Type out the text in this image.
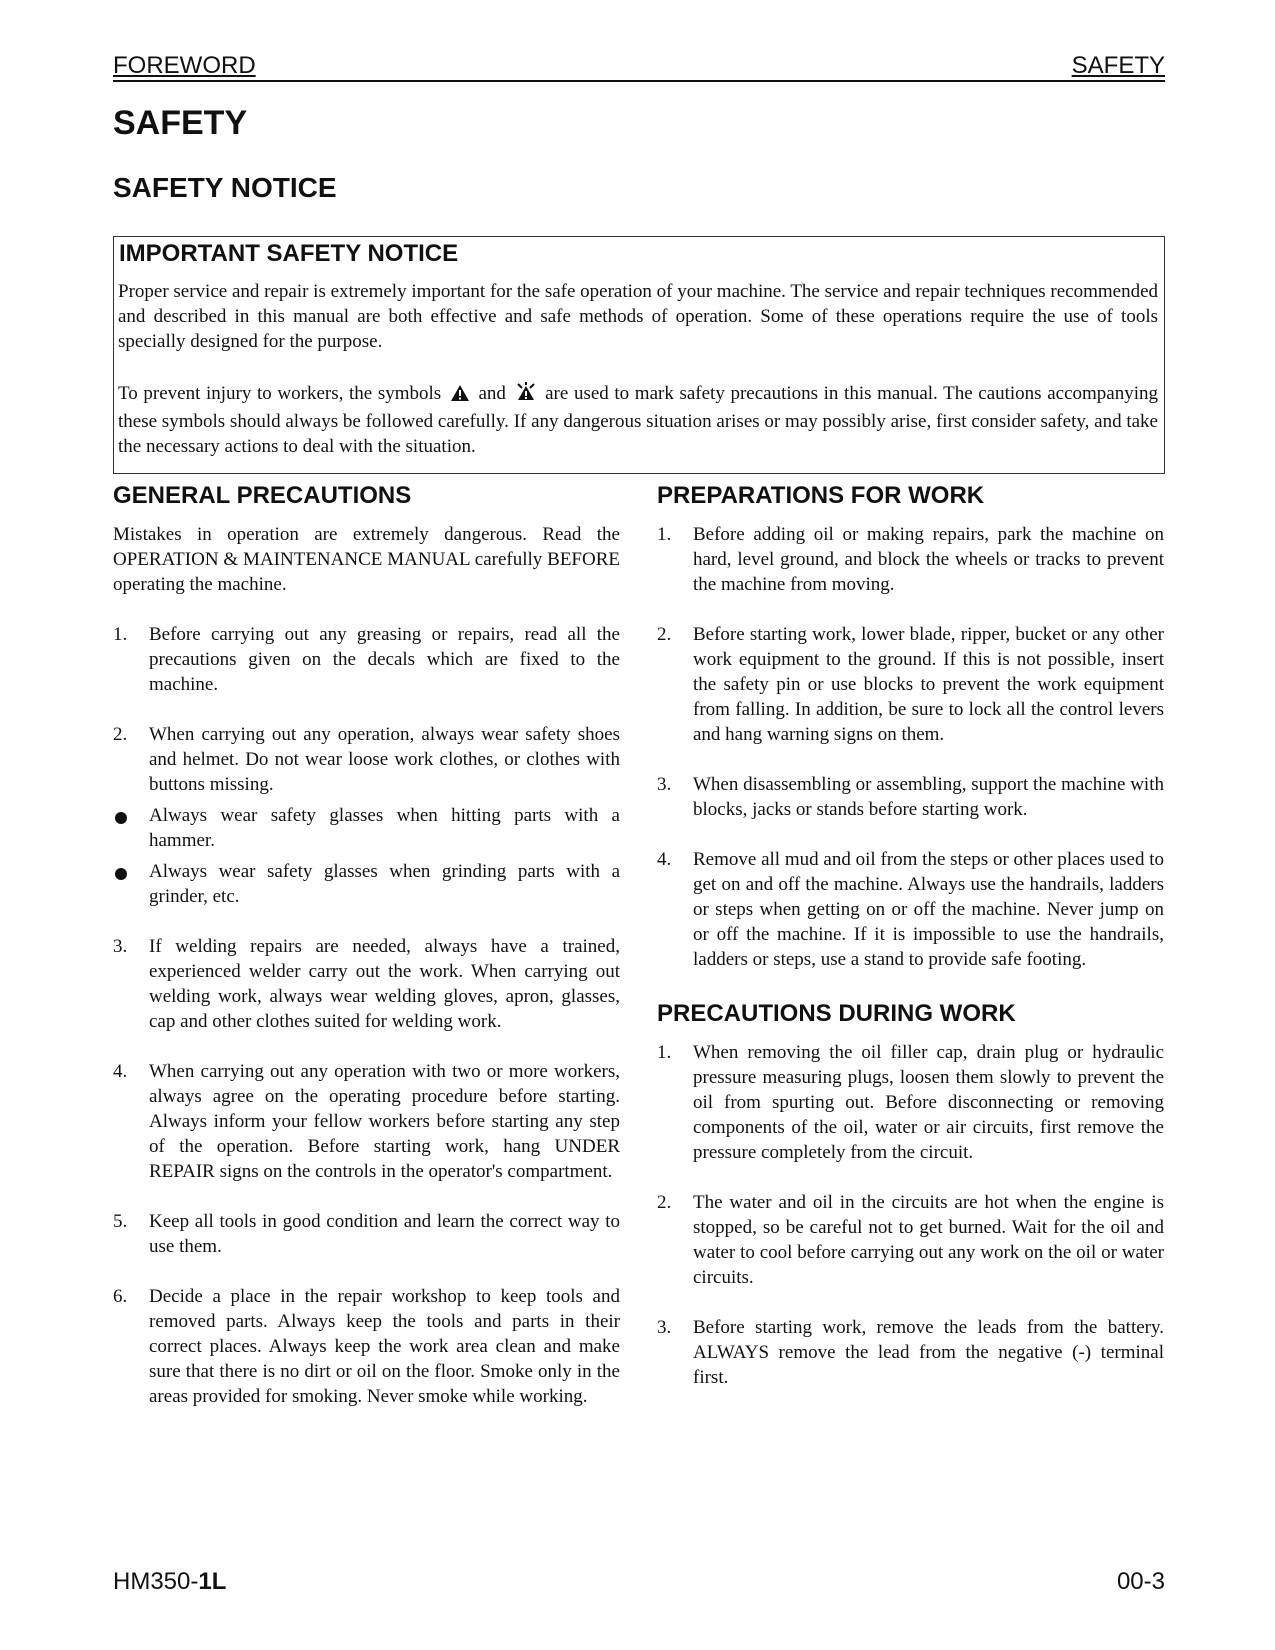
FOREWORD	SAFETY
SAFETY
SAFETY NOTICE
IMPORTANT SAFETY NOTICE

Proper service and repair is extremely important for the safe operation of your machine. The service and repair techniques recommended and described in this manual are both effective and safe methods of operation. Some of these operations require the use of tools specially designed for the purpose.

To prevent injury to workers, the symbols and are used to mark safety precautions in this manual. The cautions accompanying these symbols should always be followed carefully. If any dangerous situation arises or may possibly arise, first consider safety, and take the necessary actions to deal with the situation.

GENERAL PRECAUTIONS

Mistakes in operation are extremely dangerous. Read the OPERATION & MAINTENANCE MANUAL carefully BEFORE operating the machine.

1. Before carrying out any greasing or repairs, read all the precautions given on the decals which are fixed to the machine.
2. When carrying out any operation, always wear safety shoes and helmet. Do not wear loose work clothes, or clothes with buttons missing.
Always wear safety glasses when hitting parts with a hammer.
Always wear safety glasses when grinding parts with a grinder, etc.
3. If welding repairs are needed, always have a trained, experienced welder carry out the work. When carrying out welding work, always wear welding gloves, apron, glasses, cap and other clothes suited for welding work.
4. When carrying out any operation with two or more workers, always agree on the operating procedure before starting. Always inform your fellow workers before starting any step of the operation. Before starting work, hang UNDER REPAIR signs on the controls in the operator's compartment.
5. Keep all tools in good condition and learn the correct way to use them.
6. Decide a place in the repair workshop to keep tools and removed parts. Always keep the tools and parts in their correct places. Always keep the work area clean and make sure that there is no dirt or oil on the floor. Smoke only in the areas provided for smoking. Never smoke while working.
PREPARATIONS FOR WORK
1. Before adding oil or making repairs, park the machine on hard, level ground, and block the wheels or tracks to prevent the machine from moving.
2. Before starting work, lower blade, ripper, bucket or any other work equipment to the ground. If this is not possible, insert the safety pin or use blocks to prevent the work equipment from falling. In addition, be sure to lock all the control levers and hang warning signs on them.
3. When disassembling or assembling, support the machine with blocks, jacks or stands before starting work.
4. Remove all mud and oil from the steps or other places used to get on and off the machine. Always use the handrails, ladders or steps when getting on or off the machine. Never jump on or off the machine. If it is impossible to use the handrails, ladders or steps, use a stand to provide safe footing.
PRECAUTIONS DURING WORK
1. When removing the oil filler cap, drain plug or hydraulic pressure measuring plugs, loosen them slowly to prevent the oil from spurting out. Before disconnecting or removing components of the oil, water or air circuits, first remove the pressure completely from the circuit.
2. The water and oil in the circuits are hot when the engine is stopped, so be careful not to get burned. Wait for the oil and water to cool before carrying out any work on the oil or water circuits.
3. Before starting work, remove the leads from the battery. ALWAYS remove the lead from the negative (-) terminal first.
HM350-1L	00-3
